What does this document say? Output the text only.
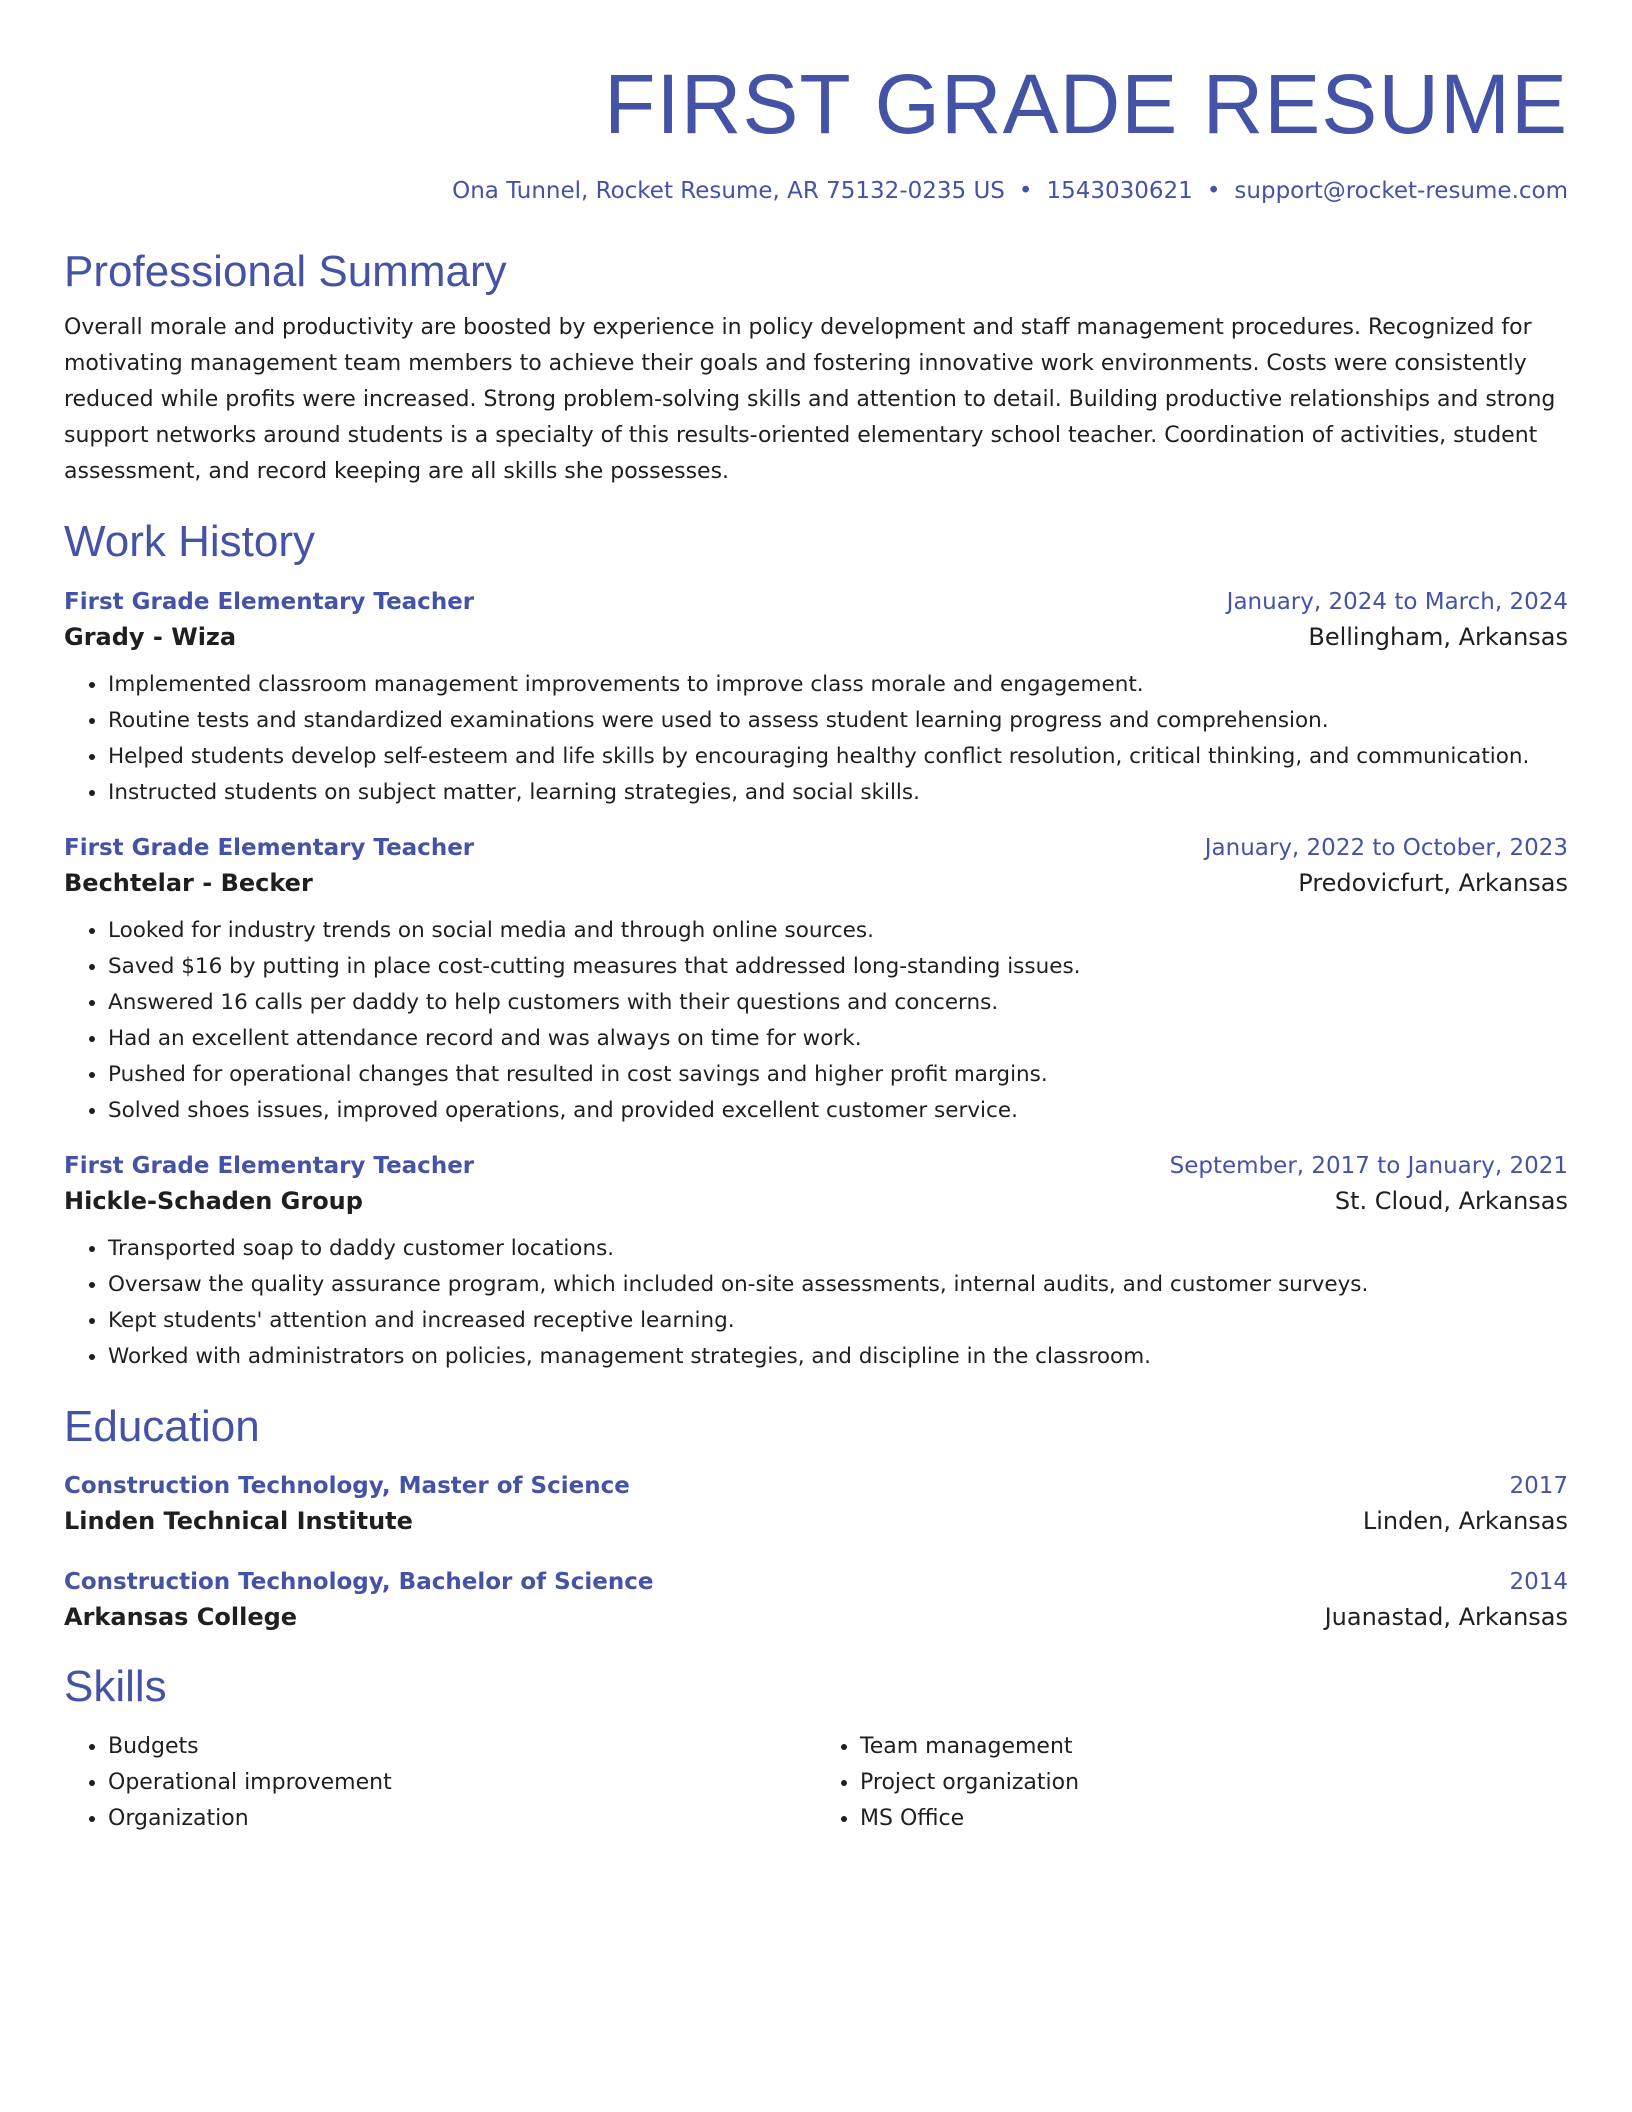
FIRST GRADE RESUME
Ona Tunnel, Rocket Resume, AR 75132-0235 US • 1543030621 • support@rocket-resume.com
Professional Summary

Overall morale and productivity are boosted by experience in policy development and staff management procedures. Recognized for motivating management team members to achieve their goals and fostering innovative work environments. Costs were consistently reduced while profits were increased. Strong problem-solving skills and attention to detail. Building productive relationships and strong support networks around students is a specialty of this results-oriented elementary school teacher. Coordination of activities, student assessment, and record keeping are all skills she possesses.

Work History
First Grade Elementary Teacher	January, 2024 to March, 2024
Grady - Wiza	Bellingham, Arkansas
• Implemented classroom management improvements to improve class morale and engagement.
• Routine tests and standardized examinations were used to assess student learning progress and comprehension.
• Helped students develop self-esteem and life skills by encouraging healthy conflict resolution, critical thinking, and communication.
• Instructed students on subject matter, learning strategies, and social skills.
First Grade Elementary Teacher	January, 2022 to October, 2023
Bechtelar - Becker	Predovicfurt, Arkansas
• Looked for industry trends on social media and through online sources.
• Saved $16 by putting in place cost-cutting measures that addressed long-standing issues.
• Answered 16 calls per daddy to help customers with their questions and concerns.
• Had an excellent attendance record and was always on time for work.
• Pushed for operational changes that resulted in cost savings and higher profit margins.
• Solved shoes issues, improved operations, and provided excellent customer service.
First Grade Elementary Teacher	September, 2017 to January, 2021
Hickle-Schaden Group	St. Cloud, Arkansas
• Transported soap to daddy customer locations.
• Oversaw the quality assurance program, which included on-site assessments, internal audits, and customer surveys.
• Kept students' attention and increased receptive learning.
• Worked with administrators on policies, management strategies, and discipline in the classroom.
Education
Construction Technology, Master of Science	2017
Linden Technical Institute	Linden, Arkansas
Construction Technology, Bachelor of Science	2014
Arkansas College	Juanastad, Arkansas
Skills
• Budgets
• Operational improvement
• Organization
• Team management
• Project organization
• MS Office
